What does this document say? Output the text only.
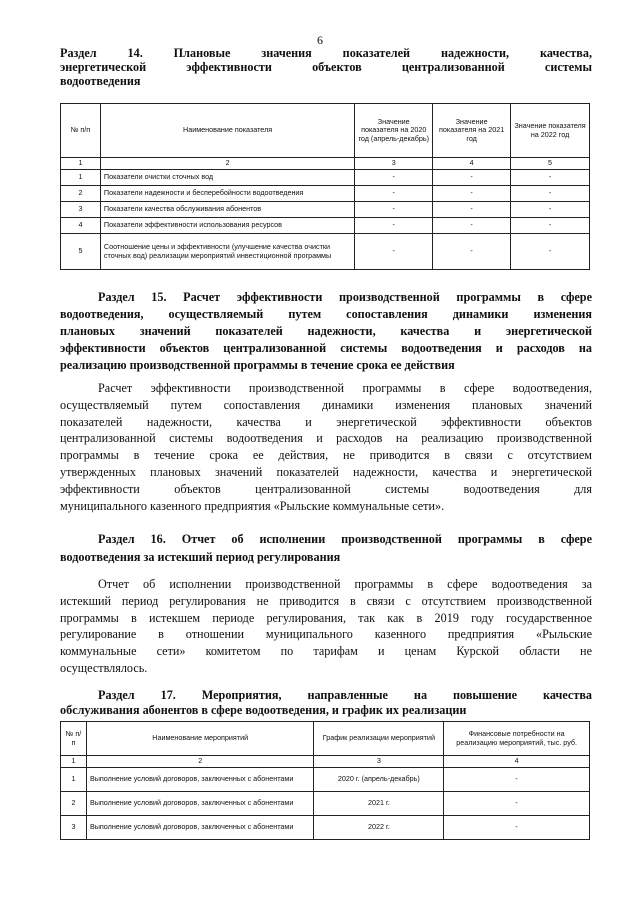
6

Раздел 14. Плановые значения показателей надежности, качества,
энергетической эффективности объектов централизованной системы
водоотведения

№ п/п	Наименование показателя	Значение показателя на 2020 год (апрель-декабрь)	Значение показателя на 2021 год	Значение показателя на 2022 год
1	2	3	4	5
1	Показатели очистки сточных вод	-	-	-
2	Показатели надежности и бесперебойности водоотведения	-	-	-
3	Показатели качества обслуживания абонентов	-	-	-
4	Показатели эффективности использования ресурсов	-	-	-
5	Соотношение цены и эффективности (улучшение качества очистки сточных вод) реализации мероприятий инвестиционной программы	-	-	-

Раздел 15. Расчет эффективности производственной программы в сфере
водоотведения, осуществляемый путем сопоставления динамики изменения
плановых значений показателей надежности, качества и энергетической
эффективности объектов централизованной системы водоотведения и расходов на
реализацию производственной программы в течение срока ее действия

Расчет эффективности производственной программы в сфере водоотведения,
осуществляемый путем сопоставления динамики изменения плановых значений
показателей надежности, качества и энергетической эффективности объектов
централизованной системы водоотведения и расходов на реализацию производственной
программы в течение срока ее действия, не приводится в связи с отсутствием
утвержденных плановых значений показателей надежности, качества и энергетической
эффективности объектов централизованной системы водоотведения для
муниципального казенного предприятия «Рыльские коммунальные сети».

Раздел 16. Отчет об исполнении производственной программы в сфере
водоотведения за истекший период регулирования

Отчет об исполнении производственной программы в сфере водоотведения за
истекший период регулирования не приводится в связи с отсутствием производственной
программы в истекшем периоде регулирования, так как в 2019 году государственное
регулирование в отношении муниципального казенного предприятия «Рыльские
коммунальные сети» комитетом по тарифам и ценам Курской области не
осуществлялось.

Раздел 17. Мероприятия, направленные на повышение качества
обслуживания абонентов в сфере водоотведения, и график их реализации

№ п/п	Наименование мероприятий	График реализации мероприятий	Финансовые потребности на реализацию мероприятий, тыс. руб.
1	2	3	4
1	Выполнение условий договоров, заключенных с абонентами	2020 г. (апрель-декабрь)	-
2	Выполнение условий договоров, заключенных с абонентами	2021 г.	-
3	Выполнение условий договоров, заключенных с абонентами	2022 г.	-
